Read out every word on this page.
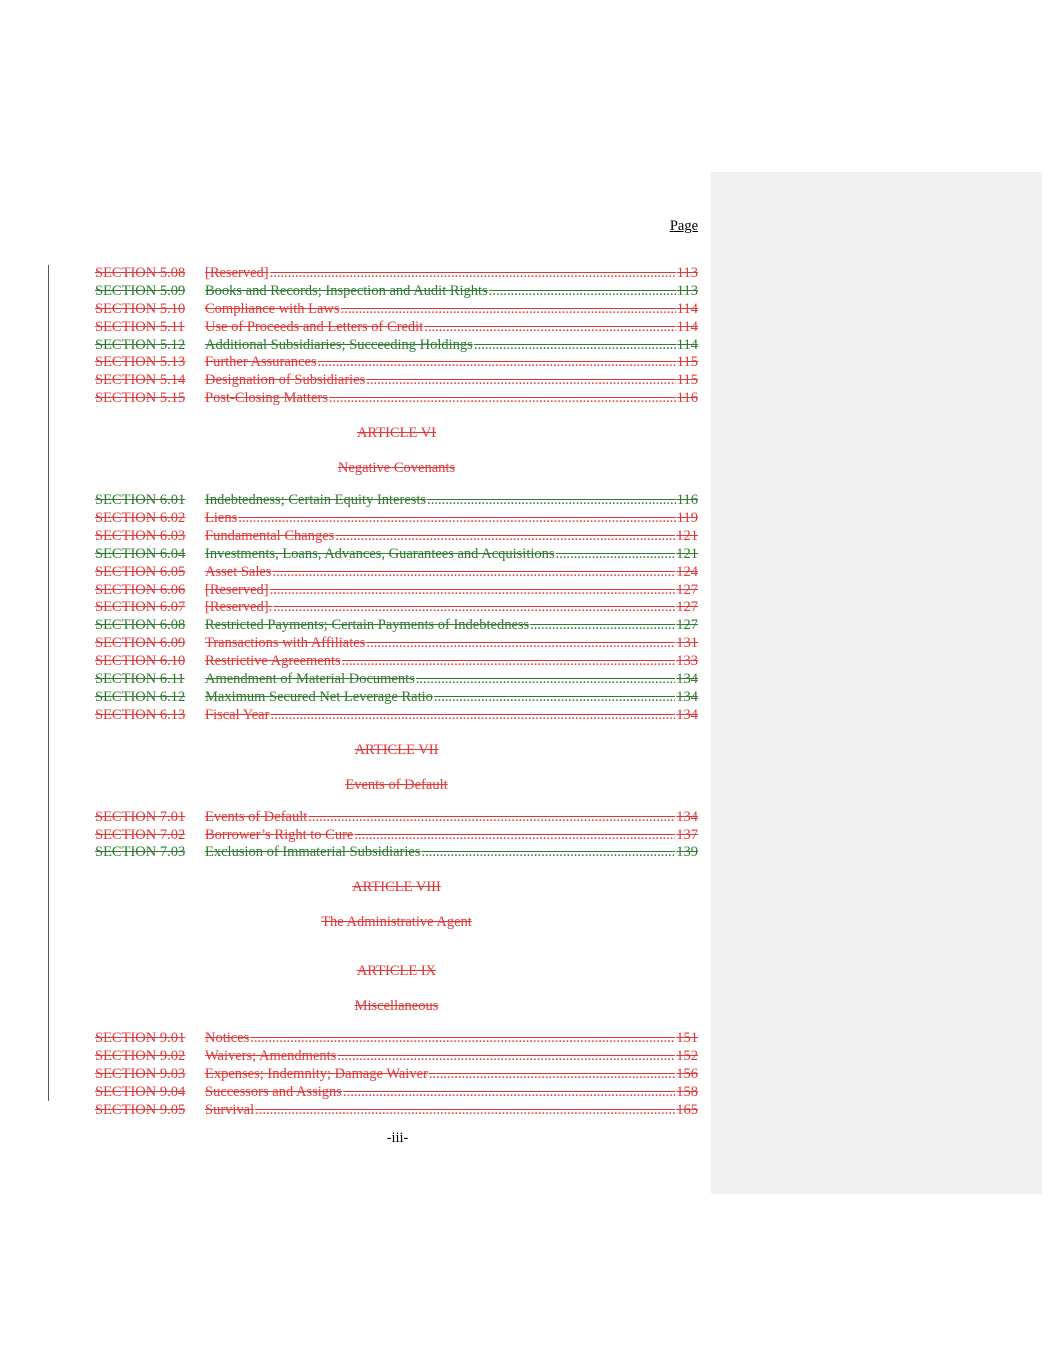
Page
SECTION 5.08	[Reserved] .....	113
SECTION 5.09	Books and Records; Inspection and Audit Rights .....	113
SECTION 5.10	Compliance with Laws .....	114
SECTION 5.11	Use of Proceeds and Letters of Credit .....	114
SECTION 5.12	Additional Subsidiaries; Succeeding Holdings .....	114
SECTION 5.13	Further Assurances .....	115
SECTION 5.14	Designation of Subsidiaries .....	115
SECTION 5.15	Post-Closing Matters .....	116
ARTICLE VI
Negative Covenants
SECTION 6.01	Indebtedness; Certain Equity Interests .....	116
SECTION 6.02	Liens .....	119
SECTION 6.03	Fundamental Changes .....	121
SECTION 6.04	Investments, Loans, Advances, Guarantees and Acquisitions .....	121
SECTION 6.05	Asset Sales .....	124
SECTION 6.06	[Reserved] .....	127
SECTION 6.07	[Reserved]. .....	127
SECTION 6.08	Restricted Payments; Certain Payments of Indebtedness .....	127
SECTION 6.09	Transactions with Affiliates .....	131
SECTION 6.10	Restrictive Agreements .....	133
SECTION 6.11	Amendment of Material Documents .....	134
SECTION 6.12	Maximum Secured Net Leverage Ratio .....	134
SECTION 6.13	Fiscal Year .....	134
ARTICLE VII
Events of Default
SECTION 7.01	Events of Default .....	134
SECTION 7.02	Borrower’s Right to Cure .....	137
SECTION 7.03	Exclusion of Immaterial Subsidiaries .....	139
ARTICLE VIII
The Administrative Agent
ARTICLE IX
Miscellaneous
SECTION 9.01	Notices .....	151
SECTION 9.02	Waivers; Amendments .....	152
SECTION 9.03	Expenses; Indemnity; Damage Waiver .....	156
SECTION 9.04	Successors and Assigns .....	158
SECTION 9.05	Survival .....	165
-iii-
